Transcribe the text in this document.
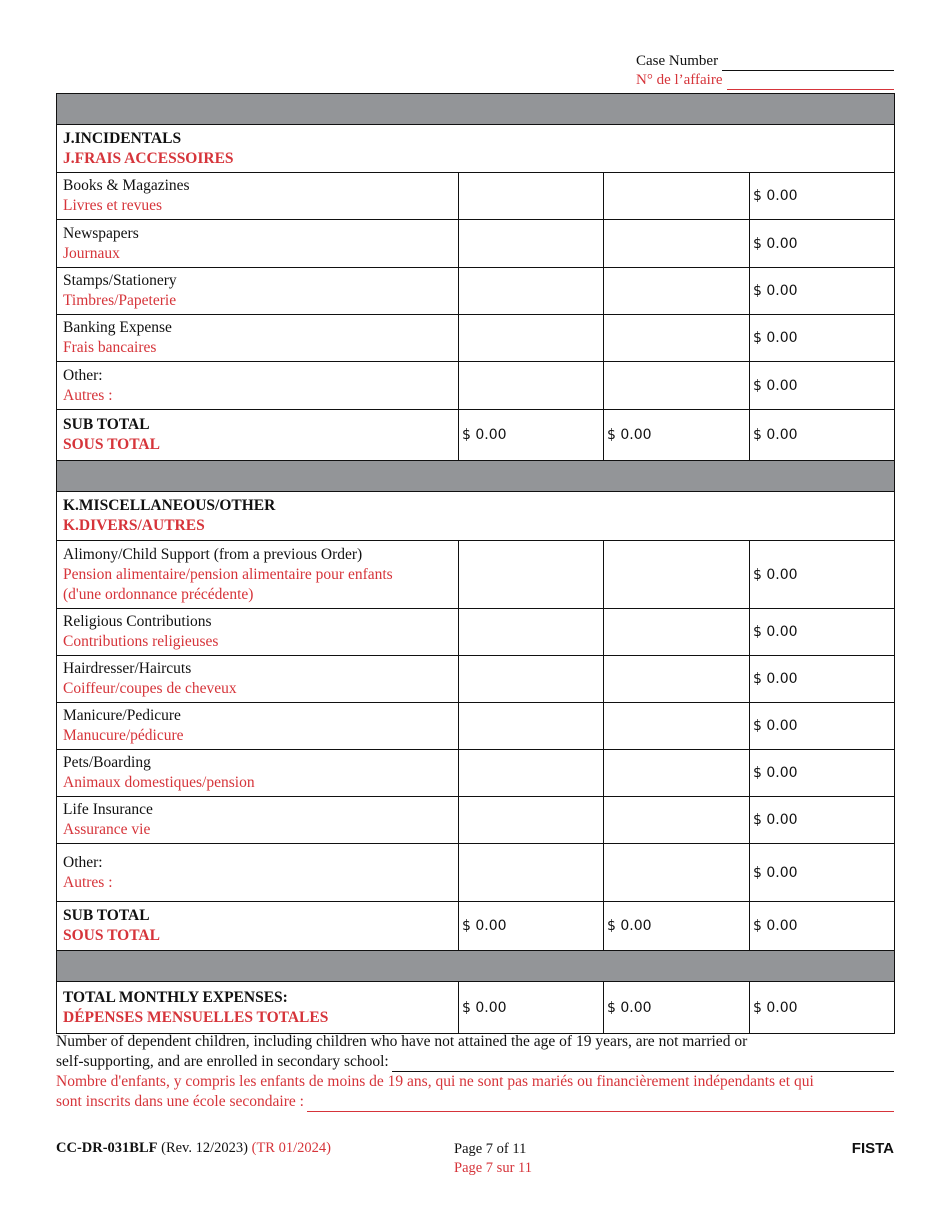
Case Number
N° de l’affaire

J.INCIDENTALS
J.FRAIS ACCESSOIRES			

Books & Magazines
Livres et revues			$ 0.00

Newspapers
Journaux			$ 0.00

Stamps/Stationery
Timbres/Papeterie			$ 0.00

Banking Expense
Frais bancaires			$ 0.00

Other:
Autres :			$ 0.00

SUB TOTAL
SOUS TOTAL	$ 0.00	$ 0.00	$ 0.00

K.MISCELLANEOUS/OTHER
K.DIVERS/AUTRES			

Alimony/Child Support (from a previous Order)
Pension alimentaire/pension alimentaire pour enfants
(d'une ordonnance précédente)			$ 0.00

Religious Contributions
Contributions religieuses			$ 0.00

Hairdresser/Haircuts
Coiffeur/coupes de cheveux			$ 0.00

Manicure/Pedicure
Manucure/pédicure			$ 0.00

Pets/Boarding
Animaux domestiques/pension			$ 0.00

Life Insurance
Assurance vie			$ 0.00

Other:
Autres :			$ 0.00

SUB TOTAL
SOUS TOTAL	$ 0.00	$ 0.00	$ 0.00

TOTAL MONTHLY EXPENSES:
DÉPENSES MENSUELLES TOTALES	$ 0.00	$ 0.00	$ 0.00
Number of dependent children, including children who have not attained the age of 19 years, are not married or
self-supporting, and are enrolled in secondary school:
Nombre d'enfants, y compris les enfants de moins de 19 ans, qui ne sont pas mariés ou financièrement indépendants et qui
sont inscrits dans une école secondaire :
CC-DR-031BLF (Rev. 12/2023) (TR 01/2024)	Page 7 of 11
Page 7 sur 11
FISTA
